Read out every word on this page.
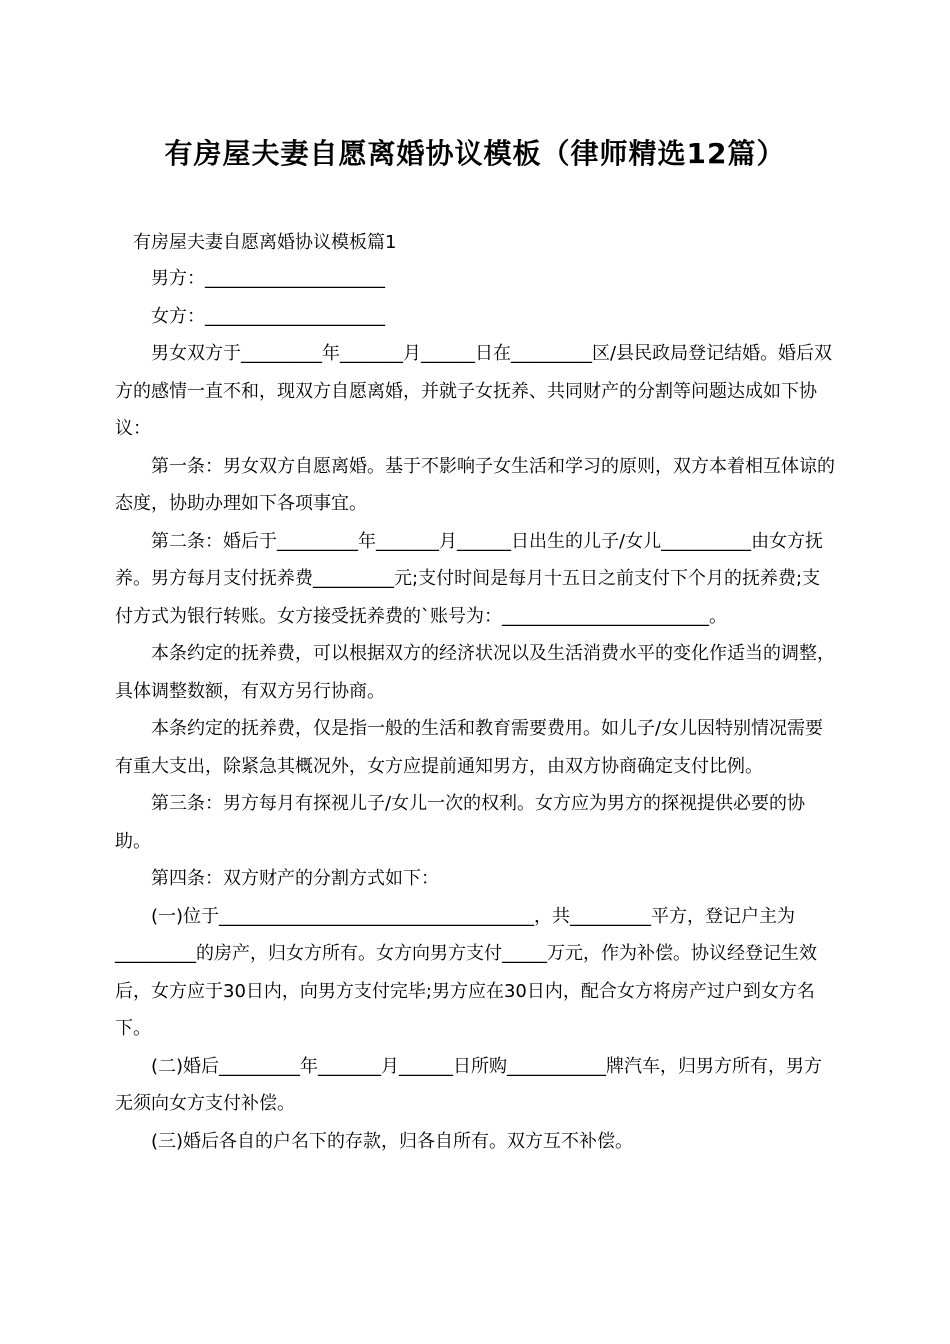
有房屋夫妻自愿离婚协议模板（律师精选12篇）

有房屋夫妻自愿离婚协议模板篇1

男方：____________________

女方：____________________

男女双方于_________年_______月______日在_________区/县民政局登记结婚。婚后双方的感情一直不和，现双方自愿离婚，并就子女抚养、共同财产的分割等问题达成如下协议：

第一条：男女双方自愿离婚。基于不影响子女生活和学习的原则，双方本着相互体谅的态度，协助办理如下各项事宜。

第二条：婚后于_________年_______月______日出生的儿子/女儿__________由女方抚养。男方每月支付抚养费_________元;支付时间是每月十五日之前支付下个月的抚养费;支付方式为银行转账。女方接受抚养费的`账号为：_______________________。

本条约定的抚养费，可以根据双方的经济状况以及生活消费水平的变化作适当的调整，具体调整数额，有双方另行协商。

本条约定的抚养费，仅是指一般的生活和教育需要费用。如儿子/女儿因特别情况需要有重大支出，除紧急其概况外，女方应提前通知男方，由双方协商确定支付比例。

第三条：男方每月有探视儿子/女儿一次的权利。女方应为男方的探视提供必要的协助。

第四条：双方财产的分割方式如下：

(一)位于___________________________________，共_________平方，登记户主为_________的房产，归女方所有。女方向男方支付_____万元，作为补偿。协议经登记生效后，女方应于30日内，向男方支付完毕;男方应在30日内，配合女方将房产过户到女方名下。

(二)婚后_________年_______月______日所购___________牌汽车，归男方所有，男方无须向女方支付补偿。

(三)婚后各自的户名下的存款，归各自所有。双方互不补偿。
